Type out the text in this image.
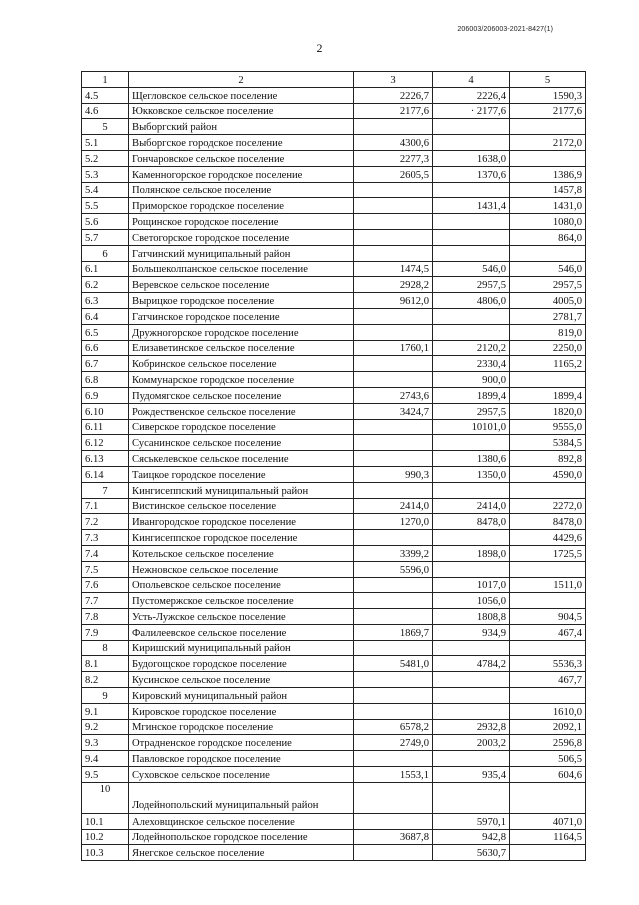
206003/206003-2021-8427(1)
2
1	2	3	4	5
4.5	Щегловское сельское поселение	2226,7	2226,4	1590,3
4.6	Юкковское сельское поселение	2177,6	· 2177,6	2177,6
5	Выборгский район			
5.1	Выборгское городское поселение	4300,6		2172,0
5.2	Гончаровское сельское поселение	2277,3	1638,0	
5.3	Каменногорское городское поселение	2605,5	1370,6	1386,9
5.4	Полянское сельское поселение			1457,8
5.5	Приморское городское поселение		1431,4	1431,0
5.6	Рощинское городское поселение			1080,0
5.7	Светогорское городское поселение			864,0
6	Гатчинский муниципальный район			
6.1	Большеколпанское сельское поселение	1474,5	546,0	546,0
6.2	Веревское сельское поселение	2928,2	2957,5	2957,5
6.3	Вырицкое городское поселение	9612,0	4806,0	4005,0
6.4	Гатчинское городское поселение			2781,7
6.5	Дружногорское городское поселение			819,0
6.6	Елизаветинское сельское поселение	1760,1	2120,2	2250,0
6.7	Кобринское сельское поселение		2330,4	1165,2
6.8	Коммунарское городское поселение		900,0	
6.9	Пудомягское сельское поселение	2743,6	1899,4	1899,4
6.10	Рождественское сельское поселение	3424,7	2957,5	1820,0
6.11	Сиверское городское поселение		10101,0	9555,0
6.12	Сусанинское сельское поселение			5384,5
6.13	Сяськелевское сельское поселение		1380,6	892,8
6.14	Таицкое городское поселение	990,3	1350,0	4590,0
7	Кингисеппский муниципальный район			
7.1	Вистинское сельское поселение	2414,0	2414,0	2272,0
7.2	Ивангородское городское поселение	1270,0	8478,0	8478,0
7.3	Кингисеппское городское поселение			4429,6
7.4	Котельское сельское поселение	3399,2	1898,0	1725,5
7.5	Нежновское сельское поселение	5596,0		
7.6	Опольевское сельское поселение		1017,0	1511,0
7.7	Пустомержское сельское поселение		1056,0	
7.8	Усть-Лужское сельское поселение		1808,8	904,5
7.9	Фалилеевское сельское поселение	1869,7	934,9	467,4
8	Киришский муниципальный район			
8.1	Будогощское городское поселение	5481,0	4784,2	5536,3
8.2	Кусинское сельское поселение			467,7
9	Кировский муниципальный район			
9.1	Кировское городское поселение			1610,0
9.2	Мгинское городское поселение	6578,2	2932,8	2092,1
9.3	Отрадненское городское поселение	2749,0	2003,2	2596,8
9.4	Павловское городское поселение			506,5
9.5	Суховское сельское поселение	1553,1	935,4	604,6
10	Лодейнопольский муниципальный район			
10.1	Алеховщинское сельское поселение		5970,1	4071,0
10.2	Лодейнопольское городское поселение	3687,8	942,8	1164,5
10.3	Янегское сельское поселение		5630,7	
